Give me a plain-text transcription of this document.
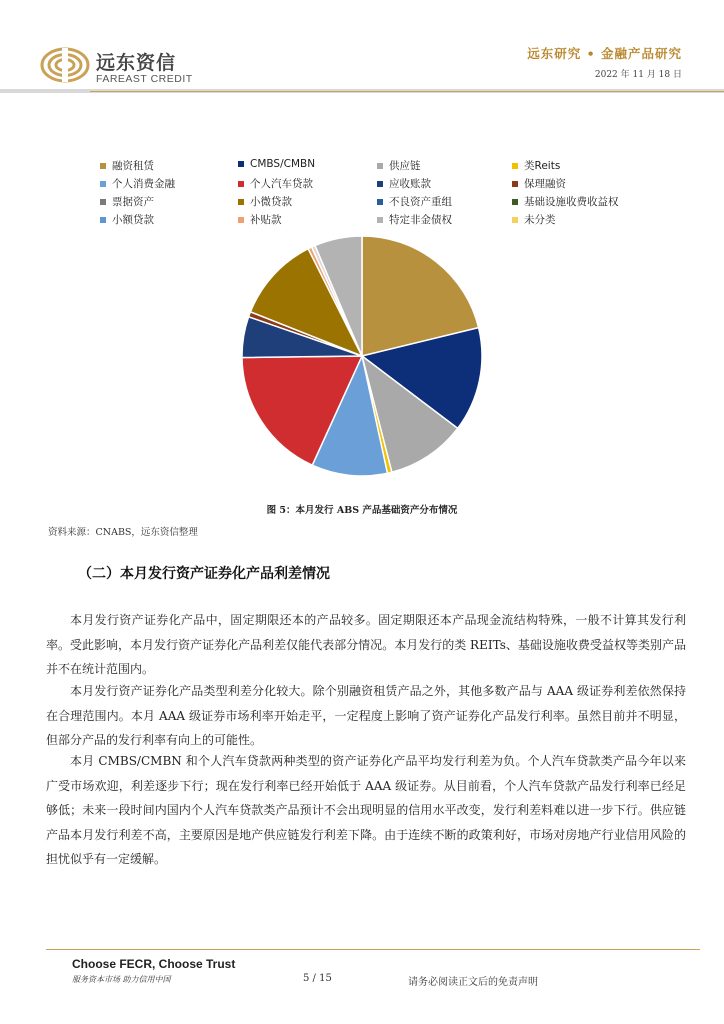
远东资信
FAREAST CREDIT
远东研究 • 金融产品研究
2022 年 11 月 18 日
融资租赁	CMBS/CMBN	供应链	类Reits
个人消费金融	个人汽车贷款	应收账款	保理融资
票据资产	小微贷款	不良资产重组	基础设施收费收益权
小额贷款	补贴款	特定非金债权	未分类
图 5：本月发行 ABS 产品基础资产分布情况
资料来源：CNABS，远东资信整理
（二）本月发行资产证券化产品利差情况

本月发行资产证券化产品中，固定期限还本的产品较多。固定期限还本产品现金流结构特殊，一般不计算其发行利率。受此影响，本月发行资产证券化产品利差仅能代表部分情况。本月发行的类 REITs、基础设施收费受益权等类别产品并不在统计范围内。

本月发行资产证券化产品类型利差分化较大。除个别融资租赁产品之外，其他多数产品与 AAA 级证券利差依然保持在合理范围内。本月 AAA 级证券市场利率开始走平，一定程度上影响了资产证券化产品发行利率。虽然目前并不明显，但部分产品的发行利率有向上的可能性。

本月 CMBS/CMBN 和个人汽车贷款两种类型的资产证券化产品平均发行利差为负。个人汽车贷款类产品今年以来广受市场欢迎，利差逐步下行；现在发行利率已经开始低于 AAA 级证券。从目前看，个人汽车贷款产品发行利率已经足够低；未来一段时间内国内个人汽车贷款类产品预计不会出现明显的信用水平改变，发行利差料难以进一步下行。供应链产品本月发行利差不高，主要原因是地产供应链发行利差下降。由于连续不断的政策利好，市场对房地产行业信用风险的担忧似乎有一定缓解。

Choose FECR, Choose Trust
服务资本市场 助力信用中国	5 / 15	请务必阅读正文后的免责声明
